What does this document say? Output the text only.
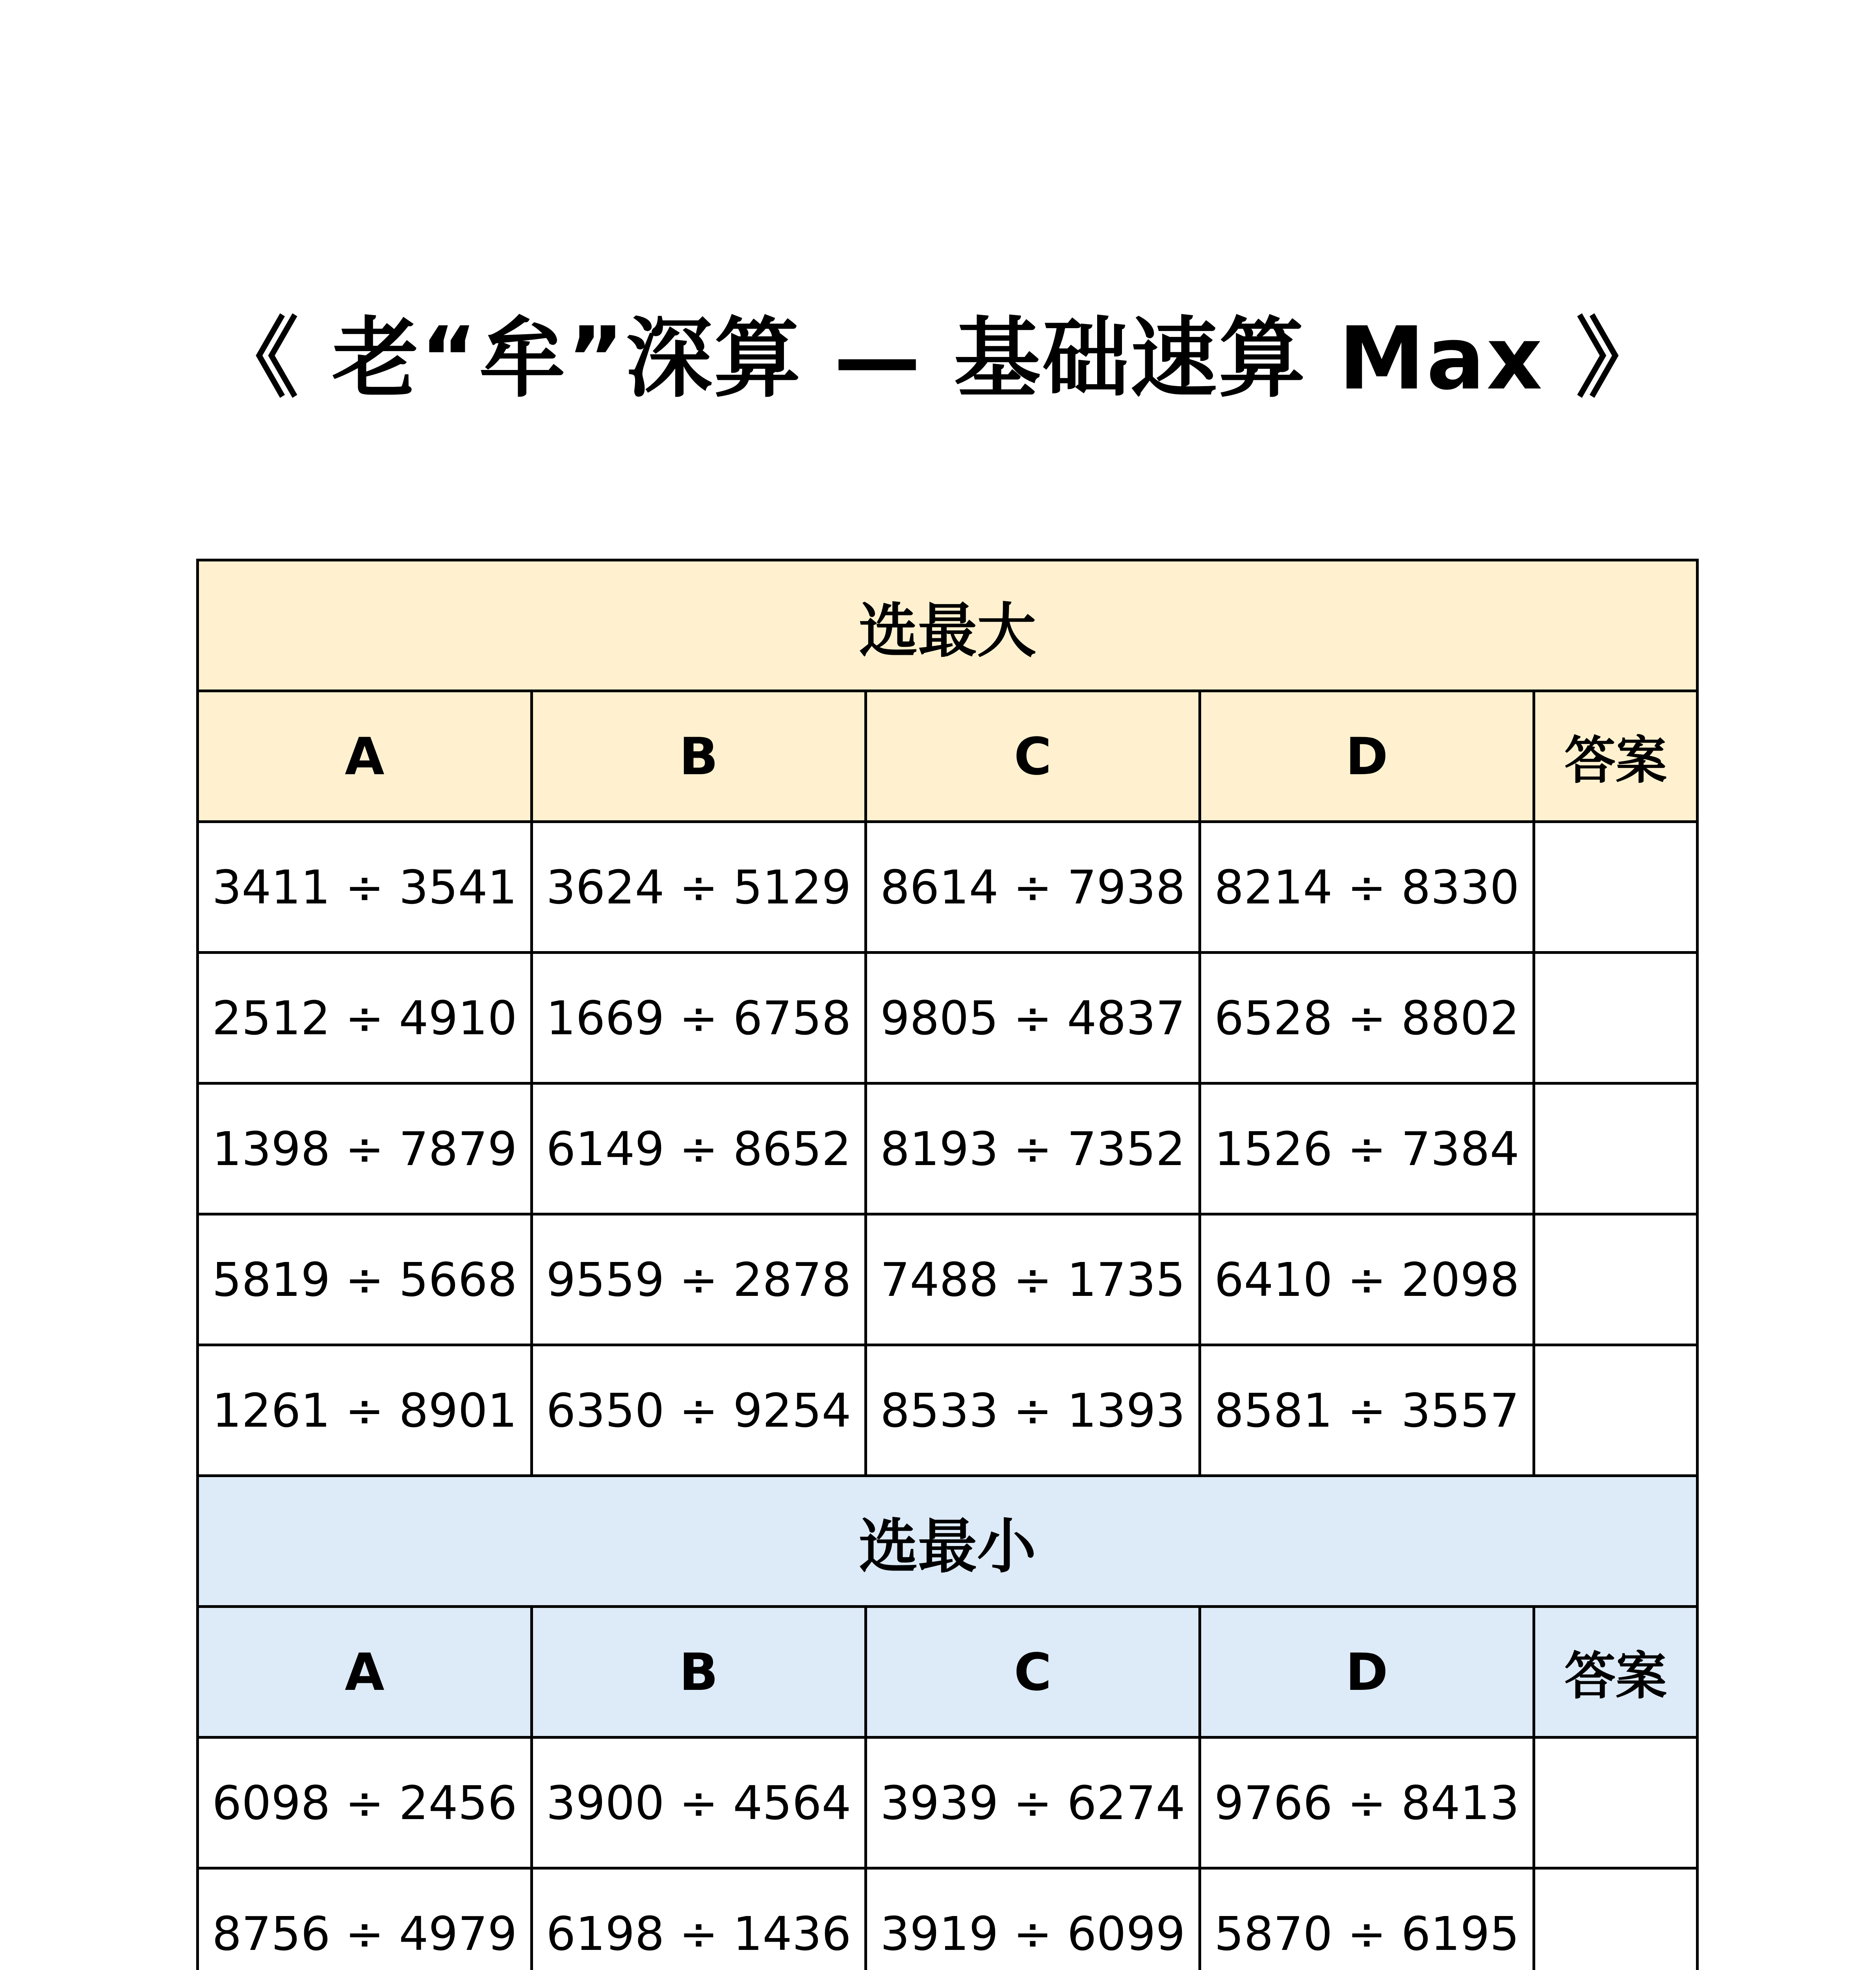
《 老“牟”深算 — 基础速算 Max 》
选最大				
A	B	C	D	答案
3411 ÷ 3541	3624 ÷ 5129	8614 ÷ 7938	8214 ÷ 8330	
2512 ÷ 4910	1669 ÷ 6758	9805 ÷ 4837	6528 ÷ 8802	
1398 ÷ 7879	6149 ÷ 8652	8193 ÷ 7352	1526 ÷ 7384	
5819 ÷ 5668	9559 ÷ 2878	7488 ÷ 1735	6410 ÷ 2098	
1261 ÷ 8901	6350 ÷ 9254	8533 ÷ 1393	8581 ÷ 3557	
选最小				
A	B	C	D	答案
6098 ÷ 2456	3900 ÷ 4564	3939 ÷ 6274	9766 ÷ 8413	
8756 ÷ 4979	6198 ÷ 1436	3919 ÷ 6099	5870 ÷ 6195	
